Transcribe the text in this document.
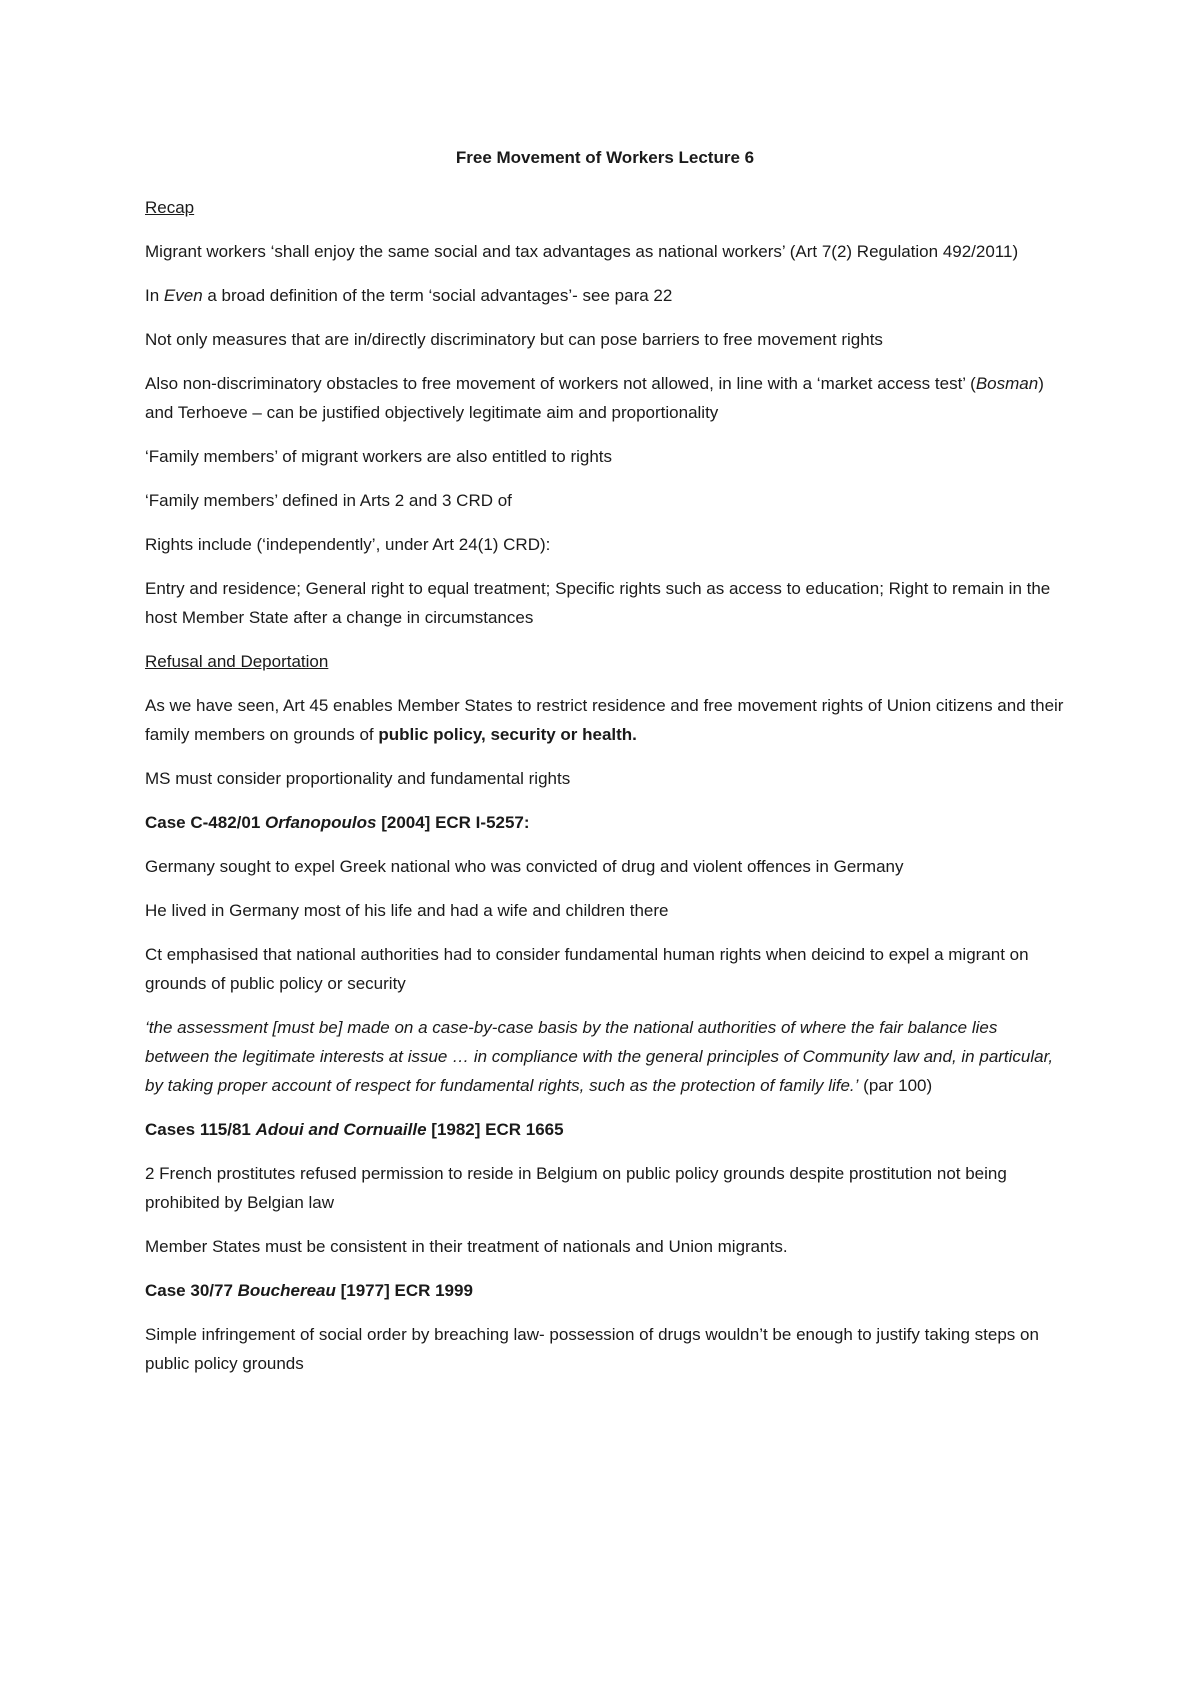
Free Movement of Workers Lecture 6

Recap

Migrant workers ‘shall enjoy the same social and tax advantages as national workers’ (Art 7(2) Regulation 492/2011)

In Even a broad definition of the term ‘social advantages’- see para 22

Not only measures that are in/directly discriminatory but can pose barriers to free movement rights

Also non-discriminatory obstacles to free movement of workers not allowed, in line with a ‘market access test’ (Bosman) and Terhoeve – can be justified objectively legitimate aim and proportionality

‘Family members’ of migrant workers are also entitled to rights

‘Family members’ defined in Arts 2 and 3 CRD of

Rights include (‘independently’, under Art 24(1) CRD):

Entry and residence; General right to equal treatment; Specific rights such as access to education; Right to remain in the host Member State after a change in circumstances

Refusal and Deportation

As we have seen, Art 45 enables Member States to restrict residence and free movement rights of Union citizens and their family members on grounds of public policy, security or health.

MS must consider proportionality and fundamental rights

Case C-482/01 Orfanopoulos [2004] ECR I-5257:

Germany sought to expel Greek national who was convicted of drug and violent offences in Germany

He lived in Germany most of his life and had a wife and children there

Ct emphasised that national authorities had to consider fundamental human rights when deicind to expel a migrant on grounds of public policy or security

‘the assessment [must be] made on a case-by-case basis by the national authorities of where the fair balance lies between the legitimate interests at issue … in compliance with the general principles of Community law and, in particular, by taking proper account of respect for fundamental rights, such as the protection of family life.’ (par 100)

Cases 115/81 Adoui and Cornuaille [1982] ECR 1665

2 French prostitutes refused permission to reside in Belgium on public policy grounds despite prostitution not being prohibited by Belgian law

Member States must be consistent in their treatment of nationals and Union migrants.

Case 30/77 Bouchereau [1977] ECR 1999

Simple infringement of social order by breaching law- possession of drugs wouldn’t be enough to justify taking steps on public policy grounds
